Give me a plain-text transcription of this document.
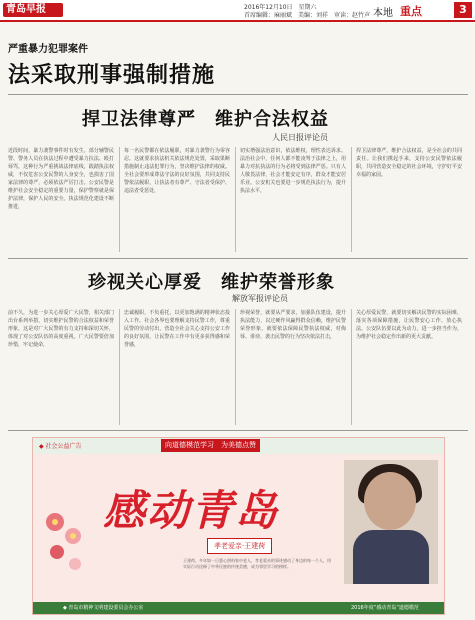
青岛早报	2016年12月10日　星期六
首席编辑：麻丽斌　美编：刘祥　审读：赵竹声 本地 重点	3
严重暴力犯罪案件
法采取刑事强制措施
捍卫法律尊严　维护合法权益
人民日报评论员
近段时间，暴力袭警事件时有发生，部分辅警民警、警务人员在执法过程中遭受暴力抗法、殴打辱骂，这种行为严重挑战法律底线，践踏执法权威，不仅危害公安民警的人身安全，也损害了国家法律的尊严，必须依法严厉打击。公安民警是维护社会安全稳定的重要力量，保护警察就是保护法律，保护人民的安全。执法规范化建设不断推进，
每一名民警都在依法履职，对暴力袭警行为零容忍。这就要求执法机关依法规范处置，采取果断措施制止违法犯罪行为，坚决维护法律的权威。全社会要形成尊法守法的良好氛围，共同支持民警依法履职，让执法者有尊严、守法者受保护、违法者受惩处，
切实增强法治意识，依法维权，理性表达诉求。法治社会中，任何人都不能凌驾于法律之上，用暴力对抗执法的行为必将受到法律严惩。只有人人敬畏法律，社会才能安定有序，群众才能安居乐业。公安机关也要进一步规范执法行为，提升执法水平，
捍卫法律尊严，维护合法权益，是全社会的共同责任。让我们携起手来，支持公安民警依法履职，共同营造安全稳定的社会环境，守护好平安幸福的家园。
珍视关心厚爱　维护荣誉形象
解放军报评论员
前不久，为进一步关心厚爱广大民警，相关部门出台系列举措，切实维护民警的合法权益和荣誉形象，这是对广大民警的有力支持和深切关怀，体现了对公安队伍的高度重视。广大民警要倍加珍惜，牢记使命，
忠诚履职，不负重托，以更加饱满的精神状态投入工作。社会各界也要理解支持民警工作，尊重民警的劳动付出，营造全社会关心支持公安工作的良好氛围，让民警在工作中有更多获得感和荣誉感，
珍视荣誉，就要从严要求，加强队伍建设，提升执法能力，以过硬作风赢得群众信赖。维护民警荣誉形象，就要依法保障民警执法权威，对侮辱、诽谤、袭击民警的行为坚决依法打击，
关心厚爱民警，就要切实解决民警的实际困难，落实各项保障措施，让民警安心工作、放心执法。公安队伍要以此为动力，进一步担当作为，为维护社会稳定作出新的更大贡献。
◆ 社会公益广告	向道德模范学习　为美德点赞
感动青岛
孝老爱亲·王建荷
王建荷，多年如一日悉心照料家中老人，孝老爱亲的事迹感动了身边的每一个人，用实际行动诠释了中华民族的传统美德，成为邻里学习的榜样。
◆ 青岛市精神文明建设委员会办公室	2016年度“感动青岛”道德模范
